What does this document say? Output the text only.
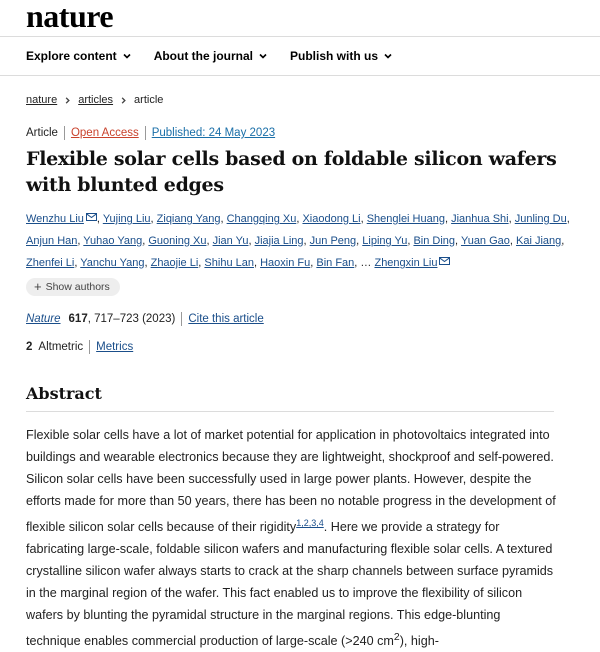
nature
Explore content	About the journal	Publish with us
nature articles article
Article Open Access Published: 24 May 2023
Flexible solar cells based on foldable silicon wafers with blunted edges
Wenzhu Liu , Yujing Liu, Ziqiang Yang, Changqing Xu, Xiaodong Li, Shenglei Huang, Jianhua Shi, Junling Du, Anjun Han, Yuhao Yang, Guoning Xu, Jian Yu, Jiajia Ling, Jun Peng, Liping Yu, Bin Ding, Yuan Gao, Kai Jiang, Zhenfei Li, Yanchu Yang, Zhaojie Li, Shihu Lan, Haoxin Fu, Bin Fan, … Zhengxin Liu
+ Show authors
Nature 617 , 717–723 (2023) Cite this article
2 Altmetric Metrics
Abstract

Flexible solar cells have a lot of market potential for application in photovoltaics integrated into buildings and wearable electronics because they are lightweight, shockproof and self-powered. Silicon solar cells have been successfully used in large power plants. However, despite the efforts made for more than 50 years, there has been no notable progress in the development of flexible silicon solar cells because of their rigidity$^{1,2,3,4}$. Here we provide a strategy for fabricating large-scale, foldable silicon wafers and manufacturing flexible solar cells. A textured crystalline silicon wafer always starts to crack at the sharp channels between surface pyramids in the marginal region of the wafer. This fact enabled us to improve the flexibility of silicon wafers by blunting the pyramidal structure in the marginal regions. This edge-blunting technique enables commercial production of large-scale (>240 $cm^2$), high-
